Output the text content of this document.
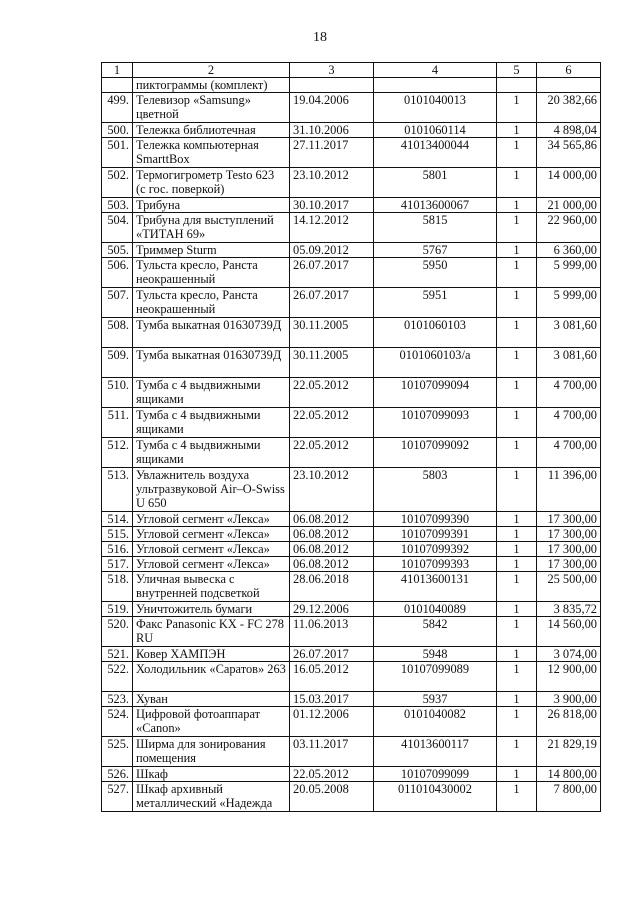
18
1	2	3	4	5	6
	пиктограммы (комплект)				
499.	Телевизор «Samsung» цветной	19.04.2006	0101040013	1	20 382,66
500.	Тележка библиотечная	31.10.2006	0101060114	1	4 898,04
501.	Тележка компьютерная SmarttBox	27.11.2017	41013400044	1	34 565,86
502.	Термогигрометр Testo 623 (с гос. поверкой)	23.10.2012	5801	1	14 000,00
503.	Трибуна	30.10.2017	41013600067	1	21 000,00
504.	Трибуна для выступлений «ТИТАН 69»	14.12.2012	5815	1	22 960,00
505.	Триммер Sturm	05.09.2012	5767	1	6 360,00
506.	Тульста кресло, Ранста неокрашенный	26.07.2017	5950	1	5 999,00
507.	Тульста кресло, Ранста неокрашенный	26.07.2017	5951	1	5 999,00
508.	Тумба выкатная 01630739Д	30.11.2005	0101060103	1	3 081,60
509.	Тумба выкатная 01630739Д	30.11.2005	0101060103/а	1	3 081,60
510.	Тумба с 4 выдвижными ящиками	22.05.2012	10107099094	1	4 700,00
511.	Тумба с 4 выдвижными ящиками	22.05.2012	10107099093	1	4 700,00
512.	Тумба с 4 выдвижными ящиками	22.05.2012	10107099092	1	4 700,00
513.	Увлажнитель воздуха ультразвуковой Air–O-Swiss U 650	23.10.2012	5803	1	11 396,00
514.	Угловой сегмент «Лекса»	06.08.2012	10107099390	1	17 300,00
515.	Угловой сегмент «Лекса»	06.08.2012	10107099391	1	17 300,00
516.	Угловой сегмент «Лекса»	06.08.2012	10107099392	1	17 300,00
517.	Угловой сегмент «Лекса»	06.08.2012	10107099393	1	17 300,00
518.	Уличная вывеска с внутренней подсветкой	28.06.2018	41013600131	1	25 500,00
519.	Уничтожитель бумаги	29.12.2006	0101040089	1	3 835,72
520.	Факс Panasonic KX - FC 278 RU	11.06.2013	5842	1	14 560,00
521.	Ковер ХАМПЭН	26.07.2017	5948	1	3 074,00
522.	Холодильник «Саратов» 263	16.05.2012	10107099089	1	12 900,00
523.	Хуван	15.03.2017	5937	1	3 900,00
524.	Цифровой фотоаппарат «Canon»	01.12.2006	0101040082	1	26 818,00
525.	Ширма для зонирования помещения	03.11.2017	41013600117	1	21 829,19
526.	Шкаф	22.05.2012	10107099099	1	14 800,00
527.	Шкаф архивный металлический «Надежда	20.05.2008	011010430002	1	7 800,00
